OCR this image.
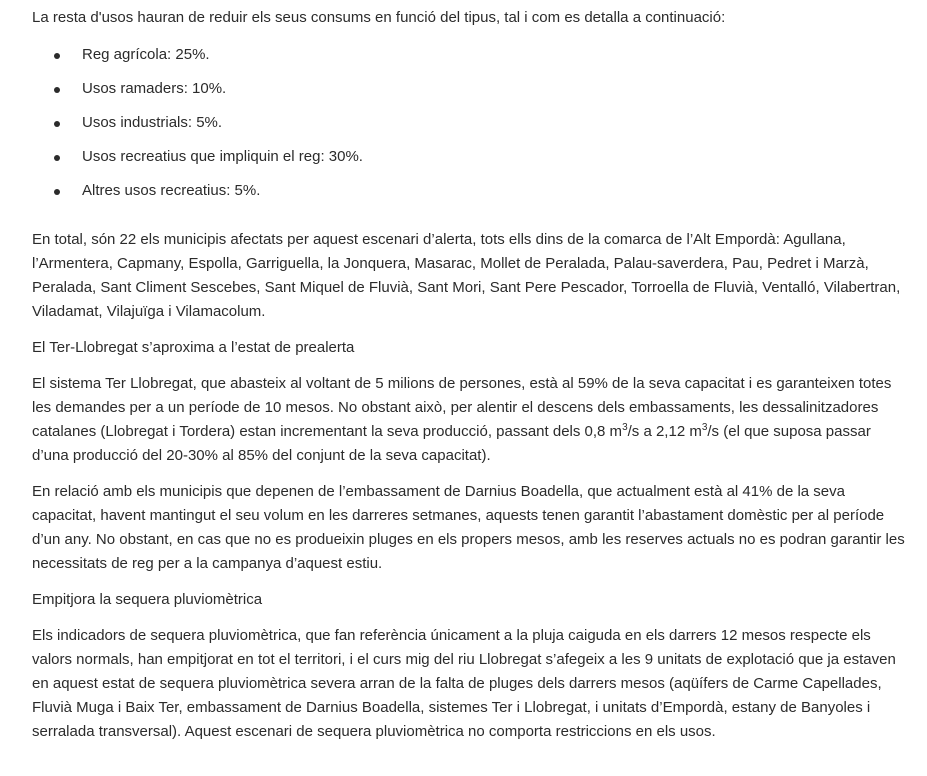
La resta d'usos hauran de reduir els seus consums en funció del tipus, tal i com es detalla a continuació:

Reg agrícola: 25%.
Usos ramaders: 10%.
Usos industrials: 5%.
Usos recreatius que impliquin el reg: 30%.
Altres usos recreatius: 5%.

En total, són 22 els municipis afectats per aquest escenari d’alerta, tots ells dins de la comarca de l’Alt Empordà: Agullana, l’Armentera, Capmany, Espolla, Garriguella, la Jonquera, Masarac, Mollet de Peralada, Palau-saverdera, Pau, Pedret i Marzà, Peralada, Sant Climent Sescebes, Sant Miquel de Fluvià, Sant Mori, Sant Pere Pescador, Torroella de Fluvià, Ventalló, Vilabertran, Viladamat, Vilajuïga i Vilamacolum.

El Ter-Llobregat s’aproxima a l’estat de prealerta

El sistema Ter Llobregat, que abasteix al voltant de 5 milions de persones, està al 59% de la seva capacitat i es garanteixen totes les demandes per a un període de 10 mesos. No obstant això, per alentir el descens dels embassaments, les dessalinitzadores catalanes (Llobregat i Tordera) estan incrementant la seva producció, passant dels 0,8 $m^3/s$ a 2,12 $m^3/s$ (el que suposa passar d’una producció del 20-30% al 85% del conjunt de la seva capacitat).

En relació amb els municipis que depenen de l’embassament de Darnius Boadella, que actualment està al 41% de la seva capacitat, havent mantingut el seu volum en les darreres setmanes, aquests tenen garantit l’abastament domèstic per al període d’un any. No obstant, en cas que no es produeixin pluges en els propers mesos, amb les reserves actuals no es podran garantir les necessitats de reg per a la campanya d’aquest estiu.

Empitjora la sequera pluviomètrica

Els indicadors de sequera pluviomètrica, que fan referència únicament a la pluja caiguda en els darrers 12 mesos respecte els valors normals, han empitjorat en tot el territori, i el curs mig del riu Llobregat s’afegeix a les 9 unitats de explotació que ja estaven en aquest estat de sequera pluviomètrica severa arran de la falta de pluges dels darrers mesos (aqüífers de Carme Capellades, Fluvià Muga i Baix Ter, embassament de Darnius Boadella, sistemes Ter i Llobregat, i unitats d’Empordà, estany de Banyoles i serralada transversal). Aquest escenari de sequera pluviomètrica no comporta restriccions en els usos.
